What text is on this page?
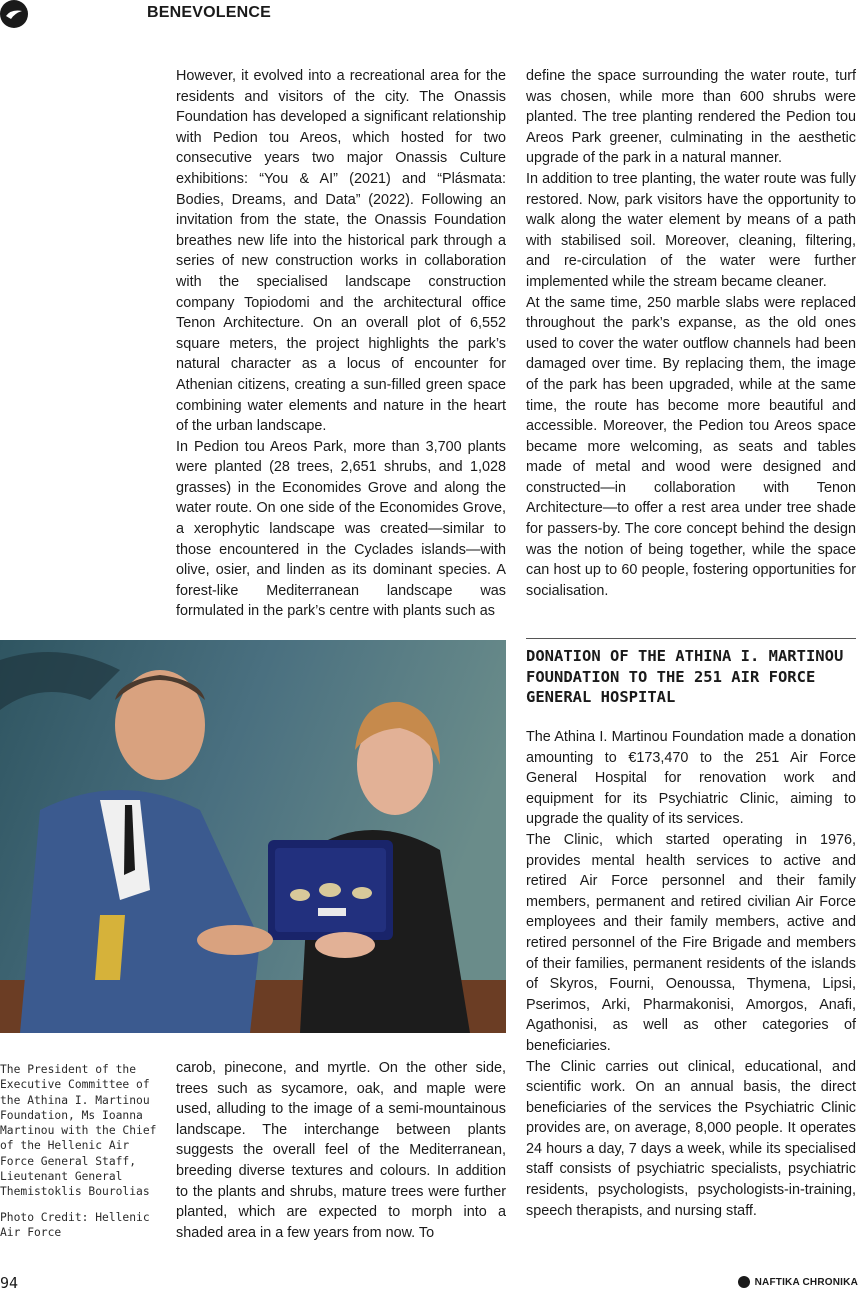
BENEVOLENCE

However, it evolved into a recreational area for the residents and visitors of the city. The Onassis Foundation has developed a significant relationship with Pedion tou Areos, which hosted for two consecutive years two major Onassis Culture exhibitions: “You & AI” (2021) and “Plásmata: Bodies, Dreams, and Data” (2022). Following an invitation from the state, the Onassis Foundation breathes new life into the historical park through a series of new construction works in collaboration with the specialised landscape construction company Topiodomi and the architectural office Tenon Architecture. On an overall plot of 6,552 square meters, the project highlights the park’s natural character as a locus of encounter for Athenian citizens, creating a sun-filled green space combining water elements and nature in the heart of the urban landscape.

In Pedion tou Areos Park, more than 3,700 plants were planted (28 trees, 2,651 shrubs, and 1,028 grasses) in the Economides Grove and along the water route. On one side of the Economides Grove, a xerophytic landscape was created—similar to those encountered in the Cyclades islands—with olive, osier, and linden as its dominant species. A forest-like Mediterranean landscape was formulated in the park’s centre with plants such as

define the space surrounding the water route, turf was chosen, while more than 600 shrubs were planted. The tree planting rendered the Pedion tou Areos Park greener, culminating in the aesthetic upgrade of the park in a natural manner.

In addition to tree planting, the water route was fully restored. Now, park visitors have the opportunity to walk along the water element by means of a path with stabilised soil. Moreover, cleaning, filtering, and re-circulation of the water were further implemented while the stream became cleaner.

At the same time, 250 marble slabs were replaced throughout the park’s expanse, as the old ones used to cover the water outflow channels had been damaged over time. By replacing them, the image of the park has been upgraded, while at the same time, the route has become more beautiful and accessible. Moreover, the Pedion tou Areos space became more welcoming, as seats and tables made of metal and wood were designed and constructed—in collaboration with Tenon Architecture—to offer a rest area under tree shade for passers-by. The core concept behind the design was the notion of being together, while the space can host up to 60 people, fostering opportunities for socialisation.

DONATION OF THE ATHINA I. MARTINOU FOUNDATION TO THE 251 AIR FORCE GENERAL HOSPITAL

The Athina I. Martinou Foundation made a donation amounting to €173,470 to the 251 Air Force General Hospital for renovation work and equipment for its Psychiatric Clinic, aiming to upgrade the quality of its services.

The Clinic, which started operating in 1976, provides mental health services to active and retired Air Force personnel and their family members, permanent and retired civilian Air Force employees and their family members, active and retired personnel of the Fire Brigade and members of their families, permanent residents of the islands of Skyros, Fourni, Oenoussa, Thymena, Lipsi, Pserimos, Arki, Pharmakonisi, Amorgos, Anafi, Agathonisi, as well as other categories of beneficiaries.

The Clinic carries out clinical, educational, and scientific work. On an annual basis, the direct beneficiaries of the services the Psychiatric Clinic provides are, on average, 8,000 people. It operates 24 hours a day, 7 days a week, while its specialised staff consists of psychiatric specialists, psychiatric residents, psychologists, psychologists-in-training, speech therapists, and nursing staff.

The President of the Executive Committee of the Athina I. Martinou Foundation, Ms Ioanna Martinou with the Chief of the Hellenic Air Force General Staff, Lieutenant General Themistoklis Bourolias

Photo Credit: Hellenic Air Force

carob, pinecone, and myrtle. On the other side, trees such as sycamore, oak, and maple were used, alluding to the image of a semi-mountainous landscape. The interchange between plants suggests the overall feel of the Mediterranean, breeding diverse textures and colours. In addition to the plants and shrubs, mature trees were further planted, which are expected to morph into a shaded area in a few years from now. To

94	NAFTIKA CHRONIKA
